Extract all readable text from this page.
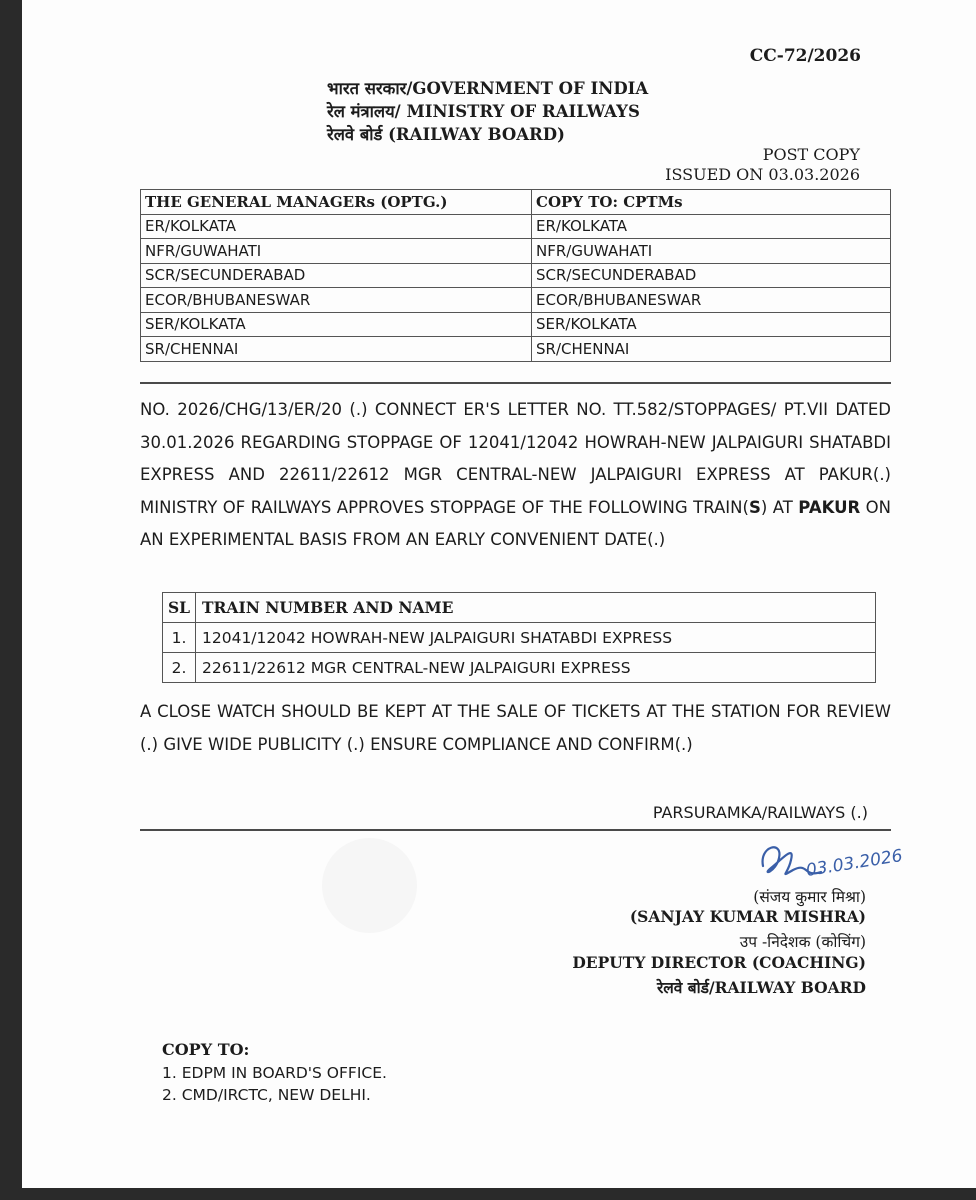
CC-72/2026
भारत सरकार/GOVERNMENT OF INDIA
रेल मंत्रालय/ MINISTRY OF RAILWAYS
रेलवे बोर्ड (RAILWAY BOARD)
POST COPY
ISSUED ON 03.03.2026
THE GENERAL MANAGERs (OPTG.)	COPY TO: CPTMs
ER/KOLKATA	ER/KOLKATA
NFR/GUWAHATI	NFR/GUWAHATI
SCR/SECUNDERABAD	SCR/SECUNDERABAD
ECOR/BHUBANESWAR	ECOR/BHUBANESWAR
SER/KOLKATA	SER/KOLKATA
SR/CHENNAI	SR/CHENNAI

NO. 2026/CHG/13/ER/20 (.) CONNECT ER'S LETTER NO. TT.582/STOPPAGES/ PT.VII DATED 30.01.2026 REGARDING STOPPAGE OF 12041/12042 HOWRAH-NEW JALPAIGURI SHATABDI EXPRESS AND 22611/22612 MGR CENTRAL-NEW JALPAIGURI EXPRESS AT PAKUR(.) MINISTRY OF RAILWAYS APPROVES STOPPAGE OF THE FOLLOWING TRAIN(S) AT PAKUR ON AN EXPERIMENTAL BASIS FROM AN EARLY CONVENIENT DATE(.)

SL	TRAIN NUMBER AND NAME
1.	12041/12042 HOWRAH-NEW JALPAIGURI SHATABDI EXPRESS
2.	22611/22612 MGR CENTRAL-NEW JALPAIGURI EXPRESS

A CLOSE WATCH SHOULD BE KEPT AT THE SALE OF TICKETS AT THE STATION FOR REVIEW (.) GIVE WIDE PUBLICITY (.) ENSURE COMPLIANCE AND CONFIRM(.)

PARSURAMKA/RAILWAYS (.)
03.03.2026
(संजय कुमार मिश्रा)
(SANJAY KUMAR MISHRA)
उप -निदेशक (कोचिंग)
DEPUTY DIRECTOR (COACHING)
रेलवे बोर्ड/RAILWAY BOARD
COPY TO:
1. EDPM IN BOARD'S OFFICE.
2. CMD/IRCTC, NEW DELHI.
